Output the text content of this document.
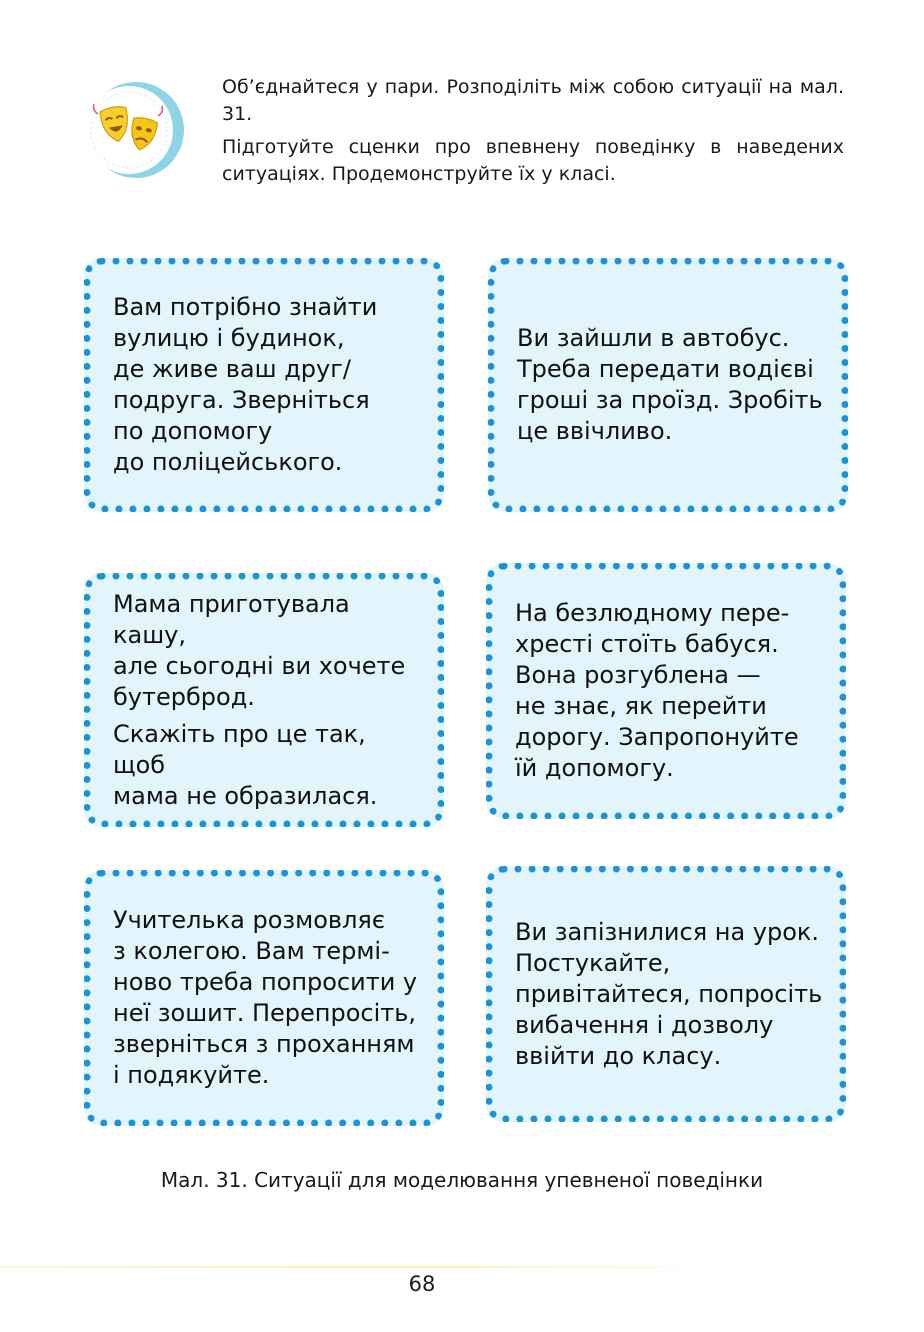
Об’єднайтеся у пари. Розподіліть між собою ситуації на мал. 31.

Підготуйте сценки про впевнену поведінку в наведених ситуаціях. Продемонструйте їх у класі.

Вам потрібно знайти
вулицю і будинок,
де живе ваш друг/
подруга. Зверніться
по допомогу
до поліцейського.

Ви зайшли в автобус.
Треба передати водієві
гроші за проїзд. Зробіть
це ввічливо.

Мама приготувала кашу,
але сьогодні ви хочете
бутерброд.

Скажіть про це так, щоб
мама не образилася.

На безлюдному пере-
хресті стоїть бабуся.
Вона розгублена —
не знає, як перейти
дорогу. Запропонуйте
їй допомогу.

Учителька розмовляє
з колегою. Вам термі-
ново треба попросити у
неї зошит. Перепросіть,
зверніться з проханням
і подякуйте.

Ви запізнилися на урок.
Постукайте,
привітайтеся, попросіть
вибачення і дозволу
ввійти до класу.

Мал. 31. Ситуації для моделювання упевненої поведінки
68
